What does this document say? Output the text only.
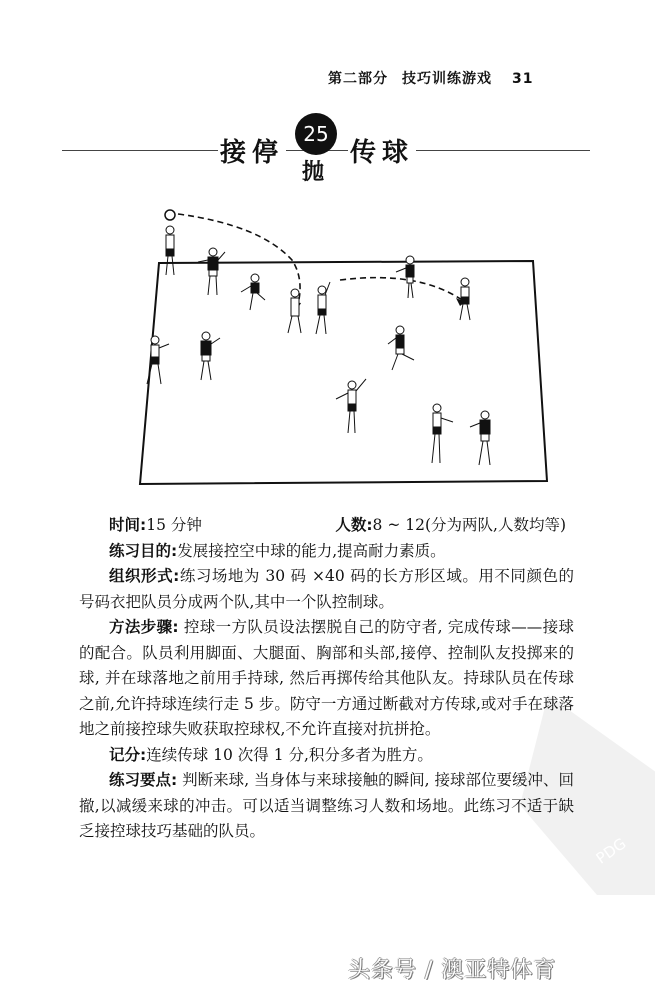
第二部分 技巧训练游戏 31
接停
25
抛
传球

时间:15 分钟	人数:8 ~ 12(分为两队,人数均等)

练习目的:发展接控空中球的能力,提高耐力素质。

组织形式:练习场地为 30 码 ×40 码的长方形区域。用不同颜色的号码衣把队员分成两个队,其中一个队控制球。

方法步骤: 控球一方队员设法摆脱自己的防守者, 完成传球——接球的配合。队员利用脚面、大腿面、胸部和头部,接停、控制队友投掷来的球, 并在球落地之前用手持球, 然后再掷传给其他队友。持球队员在传球之前,允许持球连续行走 5 步。防守一方通过断截对方传球,或对手在球落地之前接控球失败获取控球权,不允许直接对抗拼抢。

记分:连续传球 10 次得 1 分,积分多者为胜方。

练习要点: 判断来球, 当身体与来球接触的瞬间, 接球部位要缓冲、回撤,以减缓来球的冲击。可以适当调整练习人数和场地。此练习不适于缺乏接控球技巧基础的队员。

PDG
头条号 / 澳亚特体育
